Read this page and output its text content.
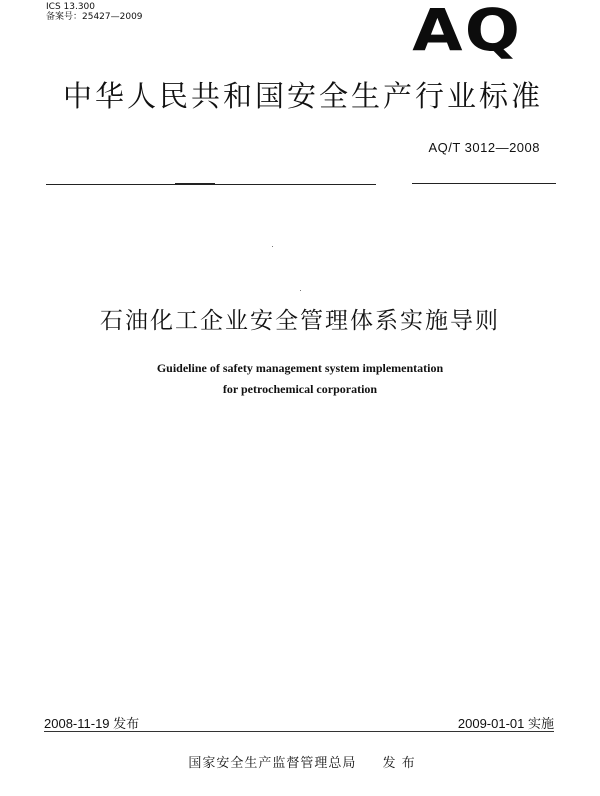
ICS 13.300
备案号：25427—2009	AQ
中华人民共和国安全生产行业标准
AQ/T 3012—2008
石油化工企业安全管理体系实施导则
Guideline of safety management system implementation
for petrochemical corporation
2008-11-19 发布	2009-01-01 实施
国家安全生产监督管理总局 发 布
